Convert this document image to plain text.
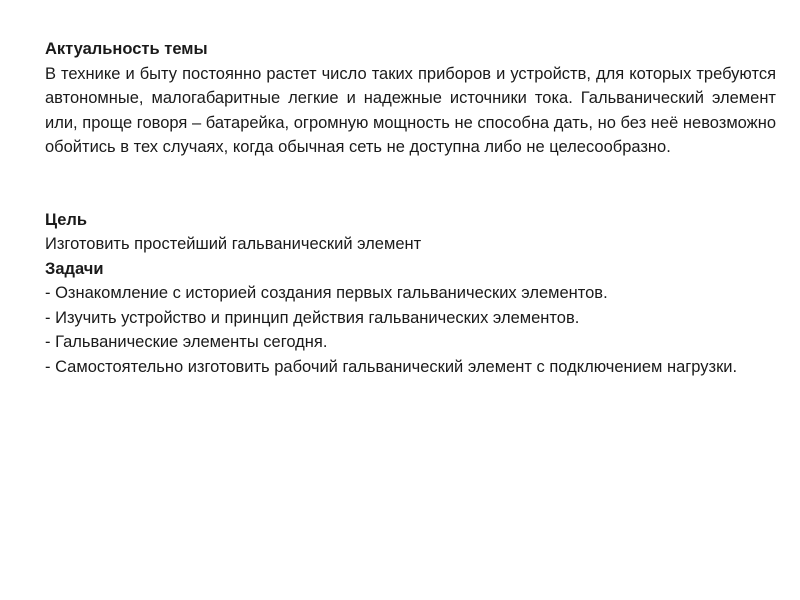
Актуальность темы

В технике и быту постоянно растет число таких приборов и устройств, для которых требуются автономные, малогабаритные легкие и надежные источники тока. Гальванический элемент или, проще говоря – батарейка, огромную мощность не способна дать, но без неё невозможно обойтись в тех случаях, когда обычная сеть не доступна либо не целесообразно.

Цель

Изготовить простейший гальванический элемент

Задачи

- Ознакомление с историей создания первых гальванических элементов.

- Изучить устройство и принцип действия гальванических элементов.

- Гальванические элементы сегодня.

- Самостоятельно изготовить рабочий гальванический элемент с подключением нагрузки.
